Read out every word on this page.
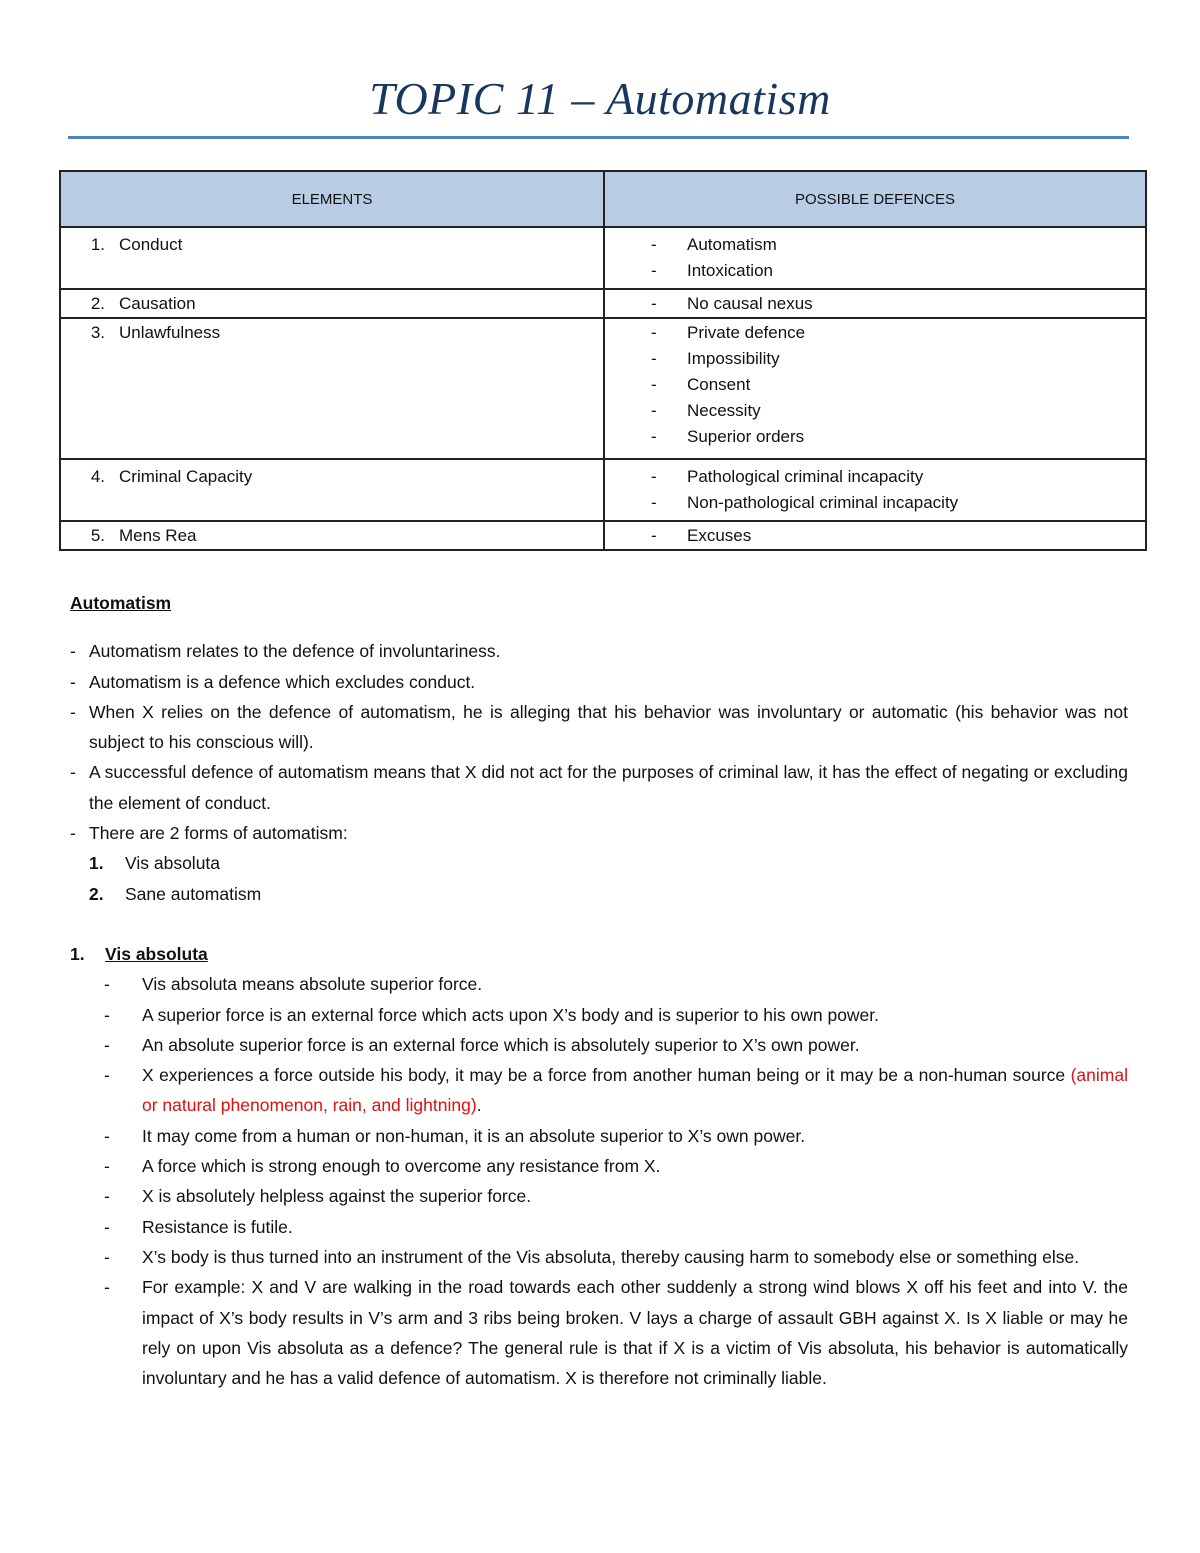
TOPIC 11 – Automatism
ELEMENTS	POSSIBLE DEFENCES

1. Conduct	- Automatism
- Intoxication

2. Causation	- No causal nexus

3. Unlawfulness	- Private defence
- Impossibility
- Consent
- Necessity
- Superior orders

4. Criminal Capacity	- Pathological criminal incapacity
- Non-pathological criminal incapacity

5. Mens Rea	- Excuses
Automatism
- Automatism relates to the defence of involuntariness.
- Automatism is a defence which excludes conduct.
- When X relies on the defence of automatism, he is alleging that his behavior was involuntary or automatic (his behavior was not subject to his conscious will).
- A successful defence of automatism means that X did not act for the purposes of criminal law, it has the effect of negating or excluding the element of conduct.
- There are 2 forms of automatism:
1. Vis absoluta
2. Sane automatism
1. Vis absoluta
- Vis absoluta means absolute superior force.
- A superior force is an external force which acts upon X’s body and is superior to his own power.
- An absolute superior force is an external force which is absolutely superior to X’s own power.
- X experiences a force outside his body, it may be a force from another human being or it may be a non-human source (animal or natural phenomenon, rain, and lightning).
- It may come from a human or non-human, it is an absolute superior to X’s own power.
- A force which is strong enough to overcome any resistance from X.
- X is absolutely helpless against the superior force.
- Resistance is futile.
- X’s body is thus turned into an instrument of the Vis absoluta, thereby causing harm to somebody else or something else.
- For example: X and V are walking in the road towards each other suddenly a strong wind blows X off his feet and into V. the impact of X’s body results in V’s arm and 3 ribs being broken. V lays a charge of assault GBH against X. Is X liable or may he rely on upon Vis absoluta as a defence? The general rule is that if X is a victim of Vis absoluta, his behavior is automatically involuntary and he has a valid defence of automatism. X is therefore not criminally liable.
